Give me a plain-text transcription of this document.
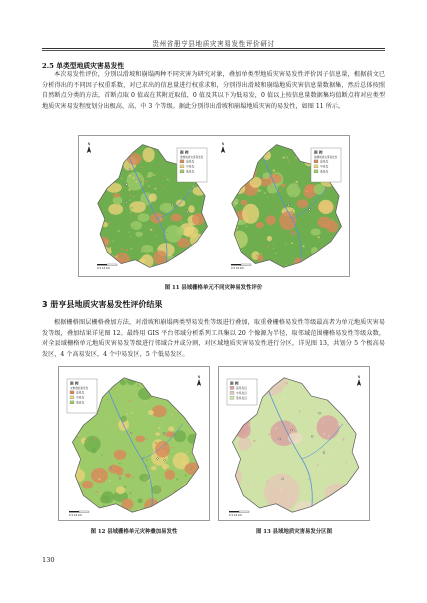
贵州省册亨县地质灾害易发性评价研讨
2.5 单类型地质灾害易发性

本次易发性评价，分别以滑坡和崩塌两种不同灾害为研究对象，叠加单类型地质灾害易发性评价因子信息量，根据前文已分析得出的不同因子权重系数，对已求出的信息量进行权重求和，分别得出滑坡和崩塌地质灾害信息量数据集，然后总体按照自然断点分类的方法，首断点取 0 值或在其附近取值，0 值及其以下为低易发，0 值以上按信息量数据集均值断点将对应类型地质灾害易发程度划分出极高、高、中 3 个等级。据此分别得出滑坡和崩塌地质灾害的易发性，如图 11 所示。

图 例
滑坡地质灾害易发性
高易发
中易发
低易发
图 例
崩塌地质灾害易发性
高易发
中易发
低易发
N	N
0 5 10 km	0 5 10 km
图 11 县域栅格单元不同灾种易发性评价
3 册亨县地质灾害易发性评价结果

根据栅格图层栅格叠加方法，对滑坡和崩塌两类型易发性等级进行叠加，取重叠栅格易发性等级最高者为单元地质灾害易发等级，叠加结果详见图 12。最终用 GIS 平台邻域分析系列工具集以 20 个像源为半径，取邻域范围栅格易发性等级众数，对全县域栅格单元地质灾害易发等级进行邻域合并或分割，对区域地质灾害易发性进行分区，详见图 13，共划分 5 个极高易发区，4 个高易发区，4 个中易发区，5 个低易发区。

图 例
灾种叠加易发性
高易发
中易发
低易发
N
0 5 10 km
图 12 县域栅格单元灾种叠加易发性
图 例
高易发区
中易发区
低易发区
N
0 5 10 km
图 13 县域地质灾害易发分区图
130
